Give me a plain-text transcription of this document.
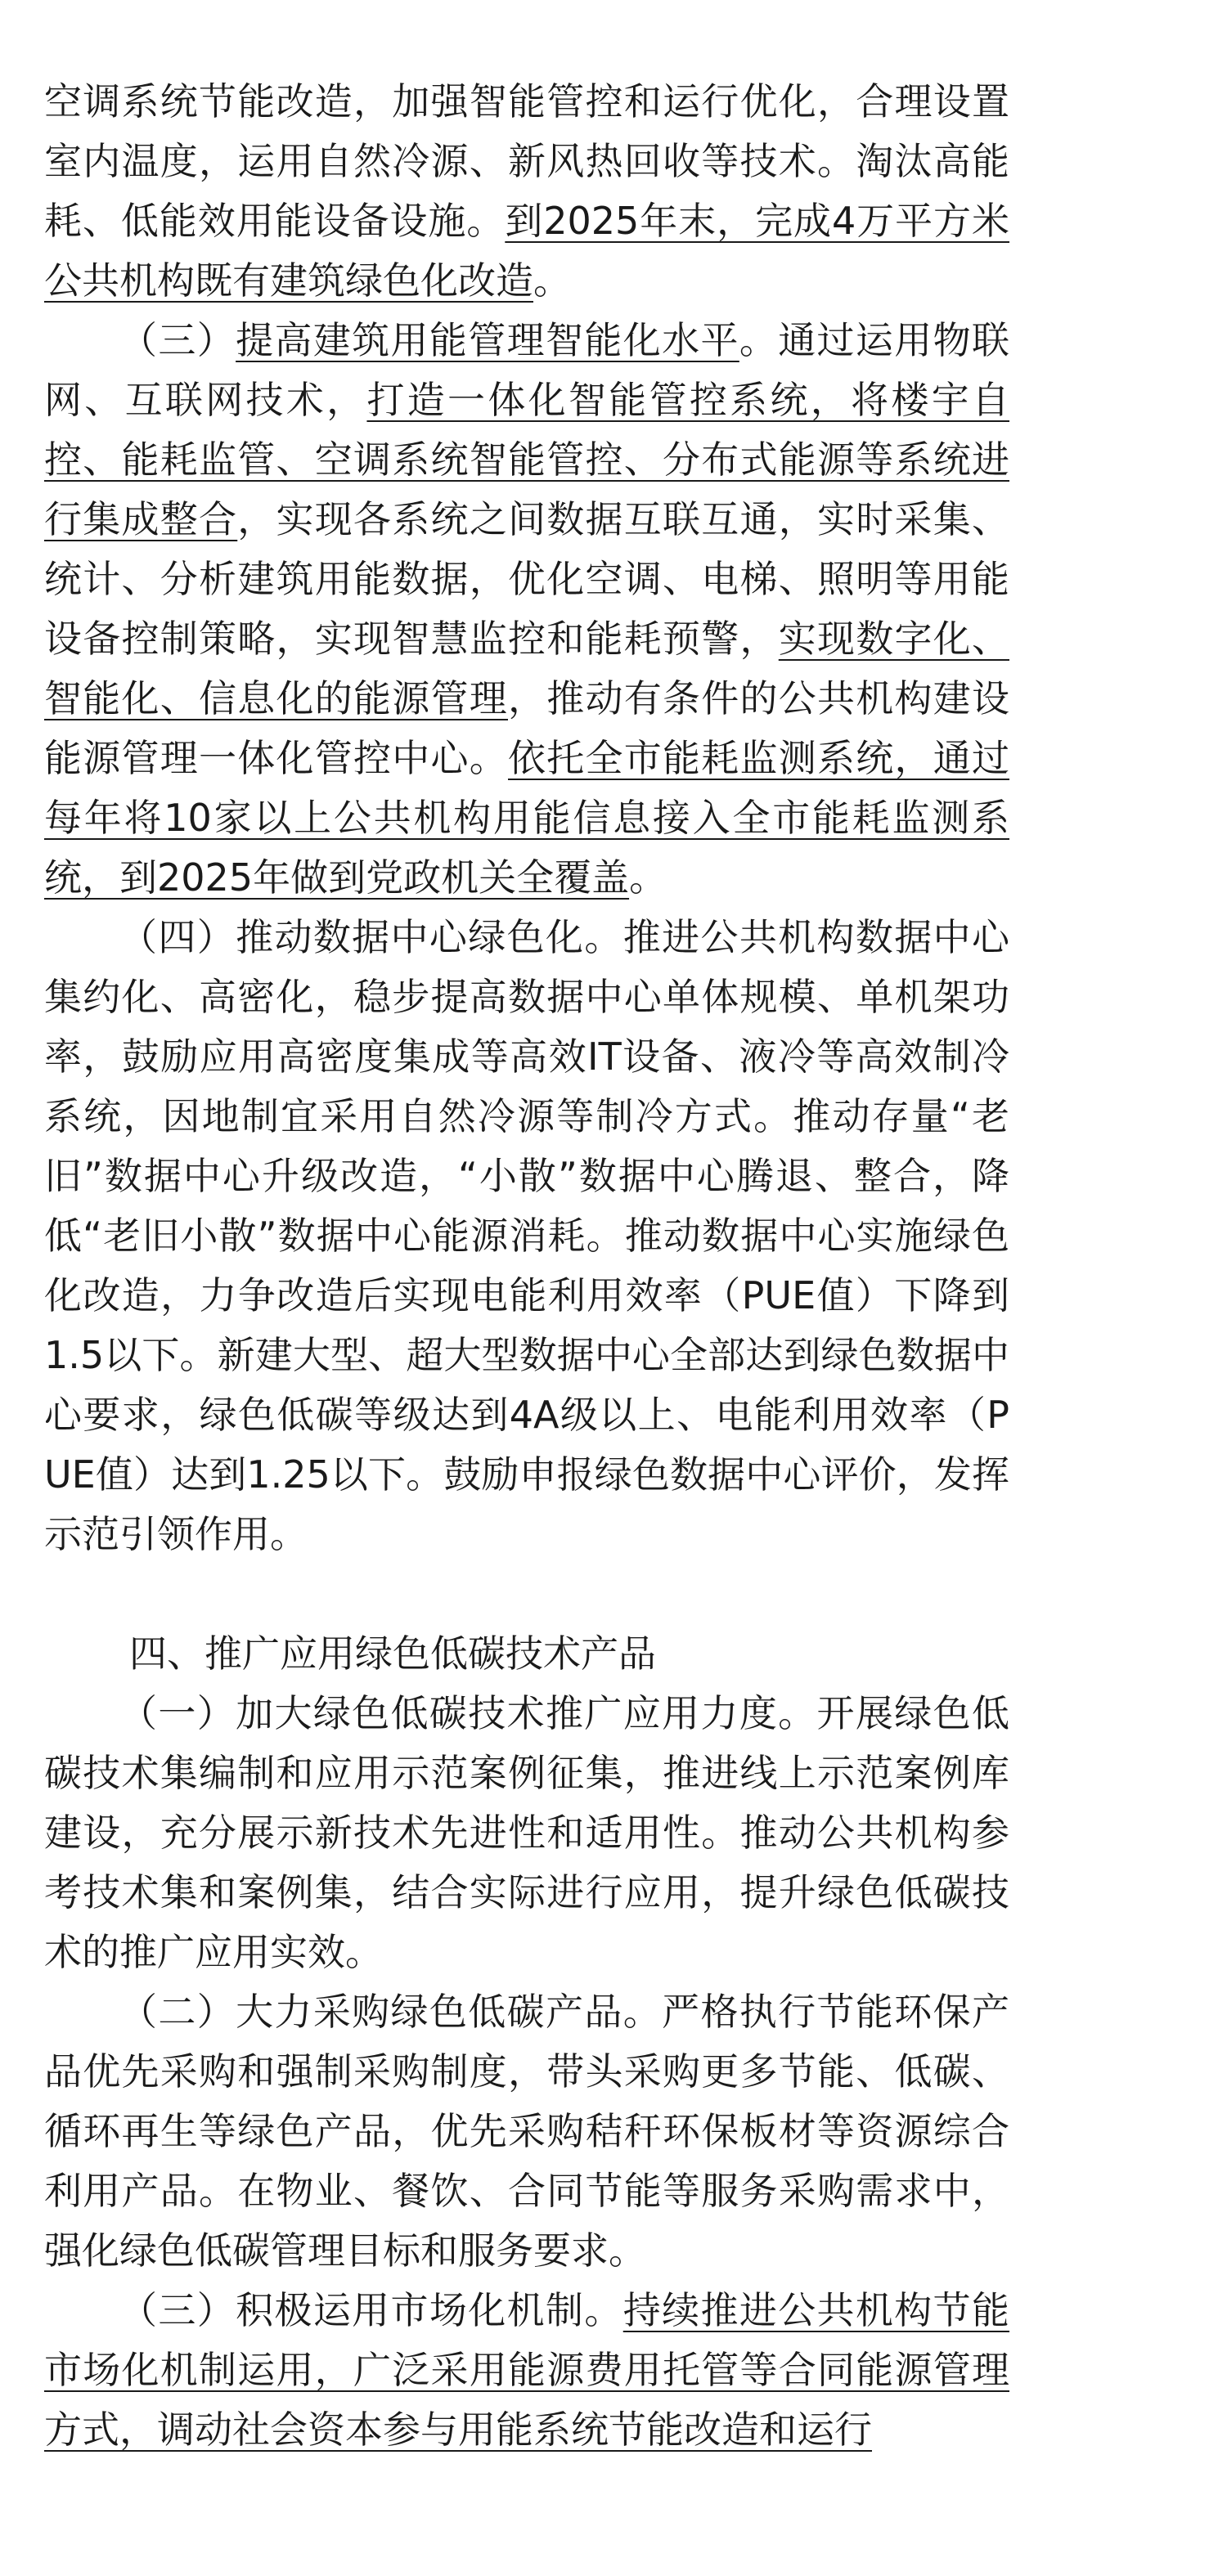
空调系统节能改造，加强智能管控和运行优化，合理设置室内温度，运用自然冷源、新风热回收等技术。淘汰高能耗、低能效用能设备设施。到2025年末，完成4万平方米公共机构既有建筑绿色化改造。

（三）提高建筑用能管理智能化水平。通过运用物联网、互联网技术，打造一体化智能管控系统，将楼宇自控、能耗监管、空调系统智能管控、分布式能源等系统进行集成整合，实现各系统之间数据互联互通，实时采集、统计、分析建筑用能数据，优化空调、电梯、照明等用能设备控制策略，实现智慧监控和能耗预警，实现数字化、智能化、信息化的能源管理，推动有条件的公共机构建设能源管理一体化管控中心。依托全市能耗监测系统，通过每年将10家以上公共机构用能信息接入全市能耗监测系统，到2025年做到党政机关全覆盖。

（四）推动数据中心绿色化。推进公共机构数据中心集约化、高密化，稳步提高数据中心单体规模、单机架功率，鼓励应用高密度集成等高效IT设备、液冷等高效制冷系统，因地制宜采用自然冷源等制冷方式。推动存量“老旧”数据中心升级改造，“小散”数据中心腾退、整合，降低“老旧小散”数据中心能源消耗。推动数据中心实施绿色化改造，力争改造后实现电能利用效率（PUE值）下降到1.5以下。新建大型、超大型数据中心全部达到绿色数据中心要求，绿色低碳等级达到4A级以上、电能利用效率（PUE值）达到1.25以下。鼓励申报绿色数据中心评价，发挥示范引领作用。

四、推广应用绿色低碳技术产品

（一）加大绿色低碳技术推广应用力度。开展绿色低碳技术集编制和应用示范案例征集，推进线上示范案例库建设，充分展示新技术先进性和适用性。推动公共机构参考技术集和案例集，结合实际进行应用，提升绿色低碳技术的推广应用实效。

（二）大力采购绿色低碳产品。严格执行节能环保产品优先采购和强制采购制度，带头采购更多节能、低碳、循环再生等绿色产品，优先采购秸秆环保板材等资源综合利用产品。在物业、餐饮、合同节能等服务采购需求中，强化绿色低碳管理目标和服务要求。

（三）积极运用市场化机制。持续推进公共机构节能市场化机制运用，广泛采用能源费用托管等合同能源管理方式，调动社会资本参与用能系统节能改造和运行
